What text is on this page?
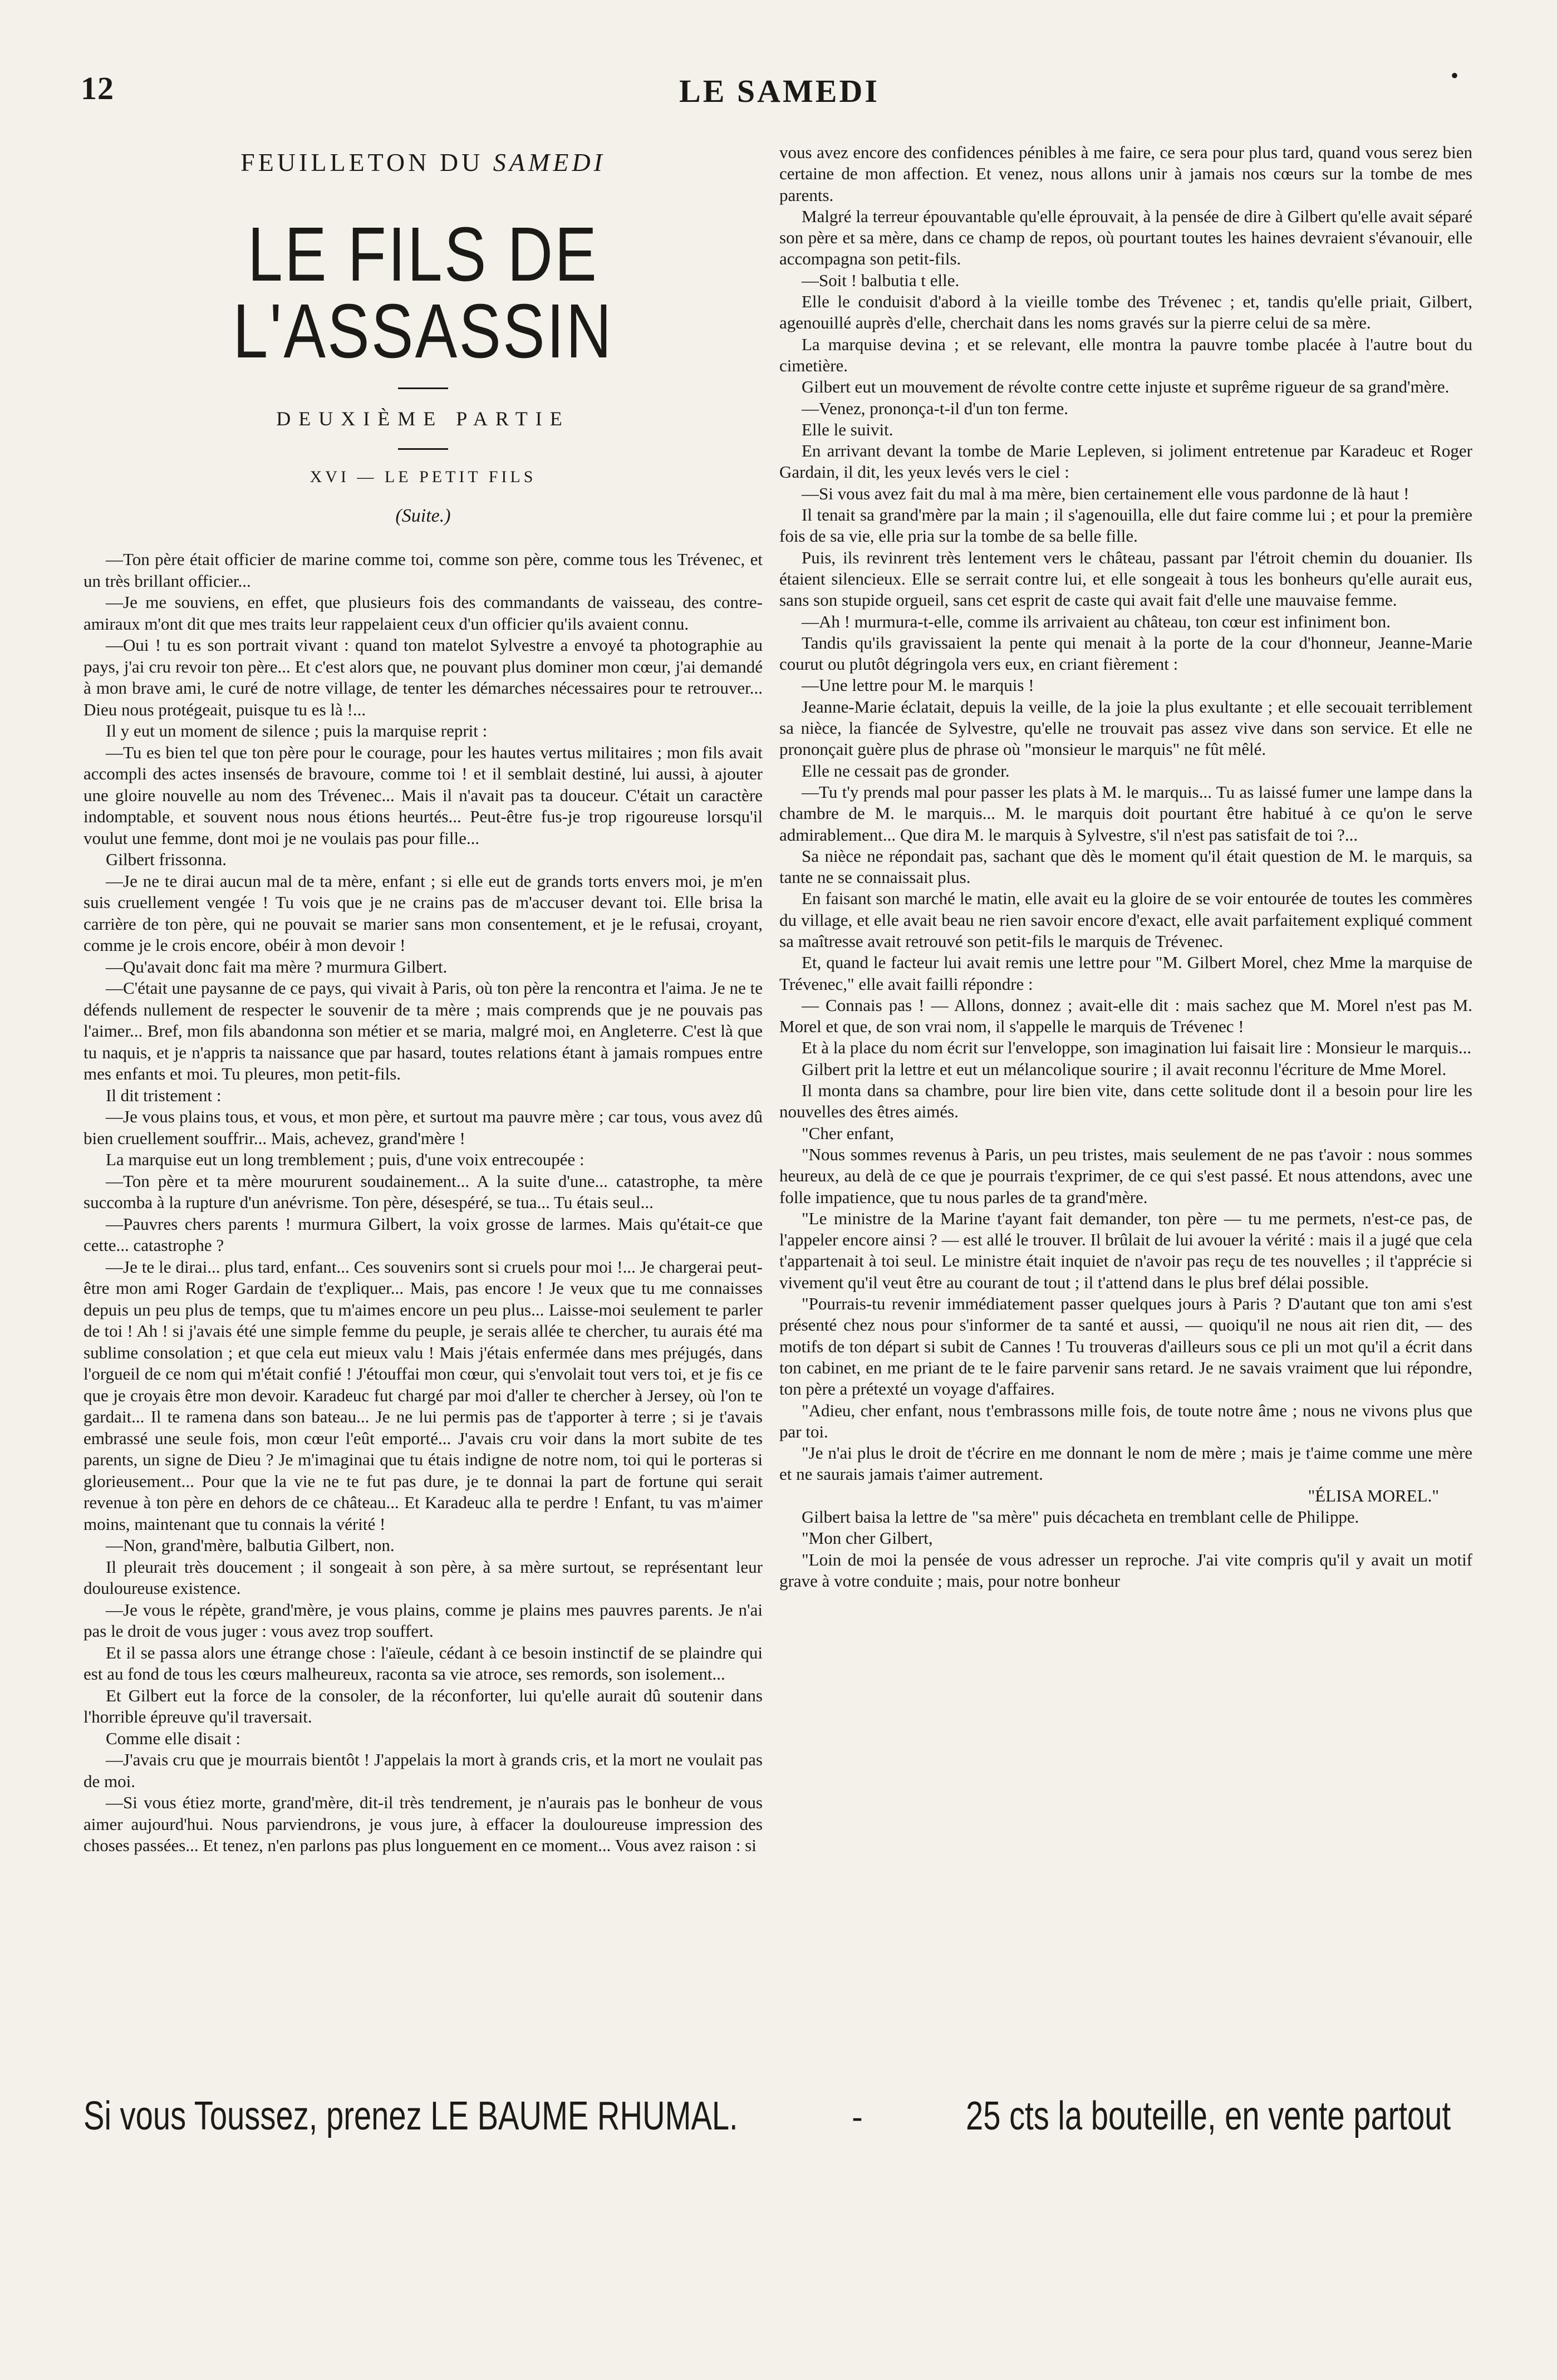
12	LE SAMEDI	•
FEUILLETON DU SAMEDI
LE FILS DE L'ASSASSIN
DEUXIÈME PARTIE
XVI — LE PETIT FILS
(Suite.)

—Ton père était officier de marine comme toi, comme son père, comme tous les Trévenec, et un très brillant officier...

—Je me souviens, en effet, que plusieurs fois des commandants de vaisseau, des contre-amiraux m'ont dit que mes traits leur rappelaient ceux d'un officier qu'ils avaient connu.

—Oui ! tu es son portrait vivant : quand ton matelot Sylvestre a envoyé ta photographie au pays, j'ai cru revoir ton père... Et c'est alors que, ne pouvant plus dominer mon cœur, j'ai demandé à mon brave ami, le curé de notre village, de tenter les démarches nécessaires pour te retrouver... Dieu nous protégeait, puisque tu es là !...

Il y eut un moment de silence ; puis la marquise reprit :

—Tu es bien tel que ton père pour le courage, pour les hautes vertus militaires ; mon fils avait accompli des actes insensés de bravoure, comme toi ! et il semblait destiné, lui aussi, à ajouter une gloire nouvelle au nom des Trévenec... Mais il n'avait pas ta douceur. C'était un caractère indomptable, et souvent nous nous étions heurtés... Peut-être fus-je trop rigoureuse lorsqu'il voulut une femme, dont moi je ne voulais pas pour fille...

Gilbert frissonna.

—Je ne te dirai aucun mal de ta mère, enfant ; si elle eut de grands torts envers moi, je m'en suis cruellement vengée ! Tu vois que je ne crains pas de m'accuser devant toi. Elle brisa la carrière de ton père, qui ne pouvait se marier sans mon consentement, et je le refusai, croyant, comme je le crois encore, obéir à mon devoir !

—Qu'avait donc fait ma mère ? murmura Gilbert.

—C'était une paysanne de ce pays, qui vivait à Paris, où ton père la rencontra et l'aima. Je ne te défends nullement de respecter le souvenir de ta mère ; mais comprends que je ne pouvais pas l'aimer... Bref, mon fils abandonna son métier et se maria, malgré moi, en Angleterre. C'est là que tu naquis, et je n'appris ta naissance que par hasard, toutes relations étant à jamais rompues entre mes enfants et moi. Tu pleures, mon petit-fils.

Il dit tristement :

—Je vous plains tous, et vous, et mon père, et surtout ma pauvre mère ; car tous, vous avez dû bien cruellement souffrir... Mais, achevez, grand'mère !

La marquise eut un long tremblement ; puis, d'une voix entrecoupée :

—Ton père et ta mère moururent soudainement... A la suite d'une... catastrophe, ta mère succomba à la rupture d'un anévrisme. Ton père, désespéré, se tua... Tu étais seul...

—Pauvres chers parents ! murmura Gilbert, la voix grosse de larmes. Mais qu'était-ce que cette... catastrophe ?

—Je te le dirai... plus tard, enfant... Ces souvenirs sont si cruels pour moi !... Je chargerai peut-être mon ami Roger Gardain de t'expliquer... Mais, pas encore ! Je veux que tu me connaisses depuis un peu plus de temps, que tu m'aimes encore un peu plus... Laisse-moi seulement te parler de toi ! Ah ! si j'avais été une simple femme du peuple, je serais allée te chercher, tu aurais été ma sublime consolation ; et que cela eut mieux valu ! Mais j'étais enfermée dans mes préjugés, dans l'orgueil de ce nom qui m'était confié ! J'étouffai mon cœur, qui s'envolait tout vers toi, et je fis ce que je croyais être mon devoir. Karadeuc fut chargé par moi d'aller te chercher à Jersey, où l'on te gardait... Il te ramena dans son bateau... Je ne lui permis pas de t'apporter à terre ; si je t'avais embrassé une seule fois, mon cœur l'eût emporté... J'avais cru voir dans la mort subite de tes parents, un signe de Dieu ? Je m'imaginai que tu étais indigne de notre nom, toi qui le porteras si glorieusement... Pour que la vie ne te fut pas dure, je te donnai la part de fortune qui serait revenue à ton père en dehors de ce château... Et Karadeuc alla te perdre ! Enfant, tu vas m'aimer moins, maintenant que tu connais la vérité !

—Non, grand'mère, balbutia Gilbert, non.

Il pleurait très doucement ; il songeait à son père, à sa mère surtout, se représentant leur douloureuse existence.

—Je vous le répète, grand'mère, je vous plains, comme je plains mes pauvres parents. Je n'ai pas le droit de vous juger : vous avez trop souffert.

Et il se passa alors une étrange chose : l'aïeule, cédant à ce besoin instinctif de se plaindre qui est au fond de tous les cœurs malheureux, raconta sa vie atroce, ses remords, son isolement...

Et Gilbert eut la force de la consoler, de la réconforter, lui qu'elle aurait dû soutenir dans l'horrible épreuve qu'il traversait.

Comme elle disait :

—J'avais cru que je mourrais bientôt ! J'appelais la mort à grands cris, et la mort ne voulait pas de moi.

—Si vous étiez morte, grand'mère, dit-il très tendrement, je n'aurais pas le bonheur de vous aimer aujourd'hui. Nous parviendrons, je vous jure, à effacer la douloureuse impression des choses passées... Et tenez, n'en parlons pas plus longuement en ce moment... Vous avez raison : si

vous avez encore des confidences pénibles à me faire, ce sera pour plus tard, quand vous serez bien certaine de mon affection. Et venez, nous allons unir à jamais nos cœurs sur la tombe de mes parents.

Malgré la terreur épouvantable qu'elle éprouvait, à la pensée de dire à Gilbert qu'elle avait séparé son père et sa mère, dans ce champ de repos, où pourtant toutes les haines devraient s'évanouir, elle accompagna son petit-fils.

—Soit ! balbutia t elle.

Elle le conduisit d'abord à la vieille tombe des Trévenec ; et, tandis qu'elle priait, Gilbert, agenouillé auprès d'elle, cherchait dans les noms gravés sur la pierre celui de sa mère.

La marquise devina ; et se relevant, elle montra la pauvre tombe placée à l'autre bout du cimetière.

Gilbert eut un mouvement de révolte contre cette injuste et suprême rigueur de sa grand'mère.

—Venez, prononça-t-il d'un ton ferme.

Elle le suivit.

En arrivant devant la tombe de Marie Lepleven, si joliment entretenue par Karadeuc et Roger Gardain, il dit, les yeux levés vers le ciel :

—Si vous avez fait du mal à ma mère, bien certainement elle vous pardonne de là haut !

Il tenait sa grand'mère par la main ; il s'agenouilla, elle dut faire comme lui ; et pour la première fois de sa vie, elle pria sur la tombe de sa belle fille.

Puis, ils revinrent très lentement vers le château, passant par l'étroit chemin du douanier. Ils étaient silencieux. Elle se serrait contre lui, et elle songeait à tous les bonheurs qu'elle aurait eus, sans son stupide orgueil, sans cet esprit de caste qui avait fait d'elle une mauvaise femme.

—Ah ! murmura-t-elle, comme ils arrivaient au château, ton cœur est infiniment bon.

Tandis qu'ils gravissaient la pente qui menait à la porte de la cour d'honneur, Jeanne-Marie courut ou plutôt dégringola vers eux, en criant fièrement :

—Une lettre pour M. le marquis !

Jeanne-Marie éclatait, depuis la veille, de la joie la plus exultante ; et elle secouait terriblement sa nièce, la fiancée de Sylvestre, qu'elle ne trouvait pas assez vive dans son service. Et elle ne prononçait guère plus de phrase où "monsieur le marquis" ne fût mêlé.

Elle ne cessait pas de gronder.

—Tu t'y prends mal pour passer les plats à M. le marquis... Tu as laissé fumer une lampe dans la chambre de M. le marquis... M. le marquis doit pourtant être habitué à ce qu'on le serve admirablement... Que dira M. le marquis à Sylvestre, s'il n'est pas satisfait de toi ?...

Sa nièce ne répondait pas, sachant que dès le moment qu'il était question de M. le marquis, sa tante ne se connaissait plus.

En faisant son marché le matin, elle avait eu la gloire de se voir entourée de toutes les commères du village, et elle avait beau ne rien savoir encore d'exact, elle avait parfaitement expliqué comment sa maîtresse avait retrouvé son petit-fils le marquis de Trévenec.

Et, quand le facteur lui avait remis une lettre pour "M. Gilbert Morel, chez Mme la marquise de Trévenec," elle avait failli répondre :

— Connais pas ! — Allons, donnez ; avait-elle dit : mais sachez que M. Morel n'est pas M. Morel et que, de son vrai nom, il s'appelle le marquis de Trévenec !

Et à la place du nom écrit sur l'enveloppe, son imagination lui faisait lire : Monsieur le marquis...

Gilbert prit la lettre et eut un mélancolique sourire ; il avait reconnu l'écriture de Mme Morel.

Il monta dans sa chambre, pour lire bien vite, dans cette solitude dont il a besoin pour lire les nouvelles des êtres aimés.

"Cher enfant,

"Nous sommes revenus à Paris, un peu tristes, mais seulement de ne pas t'avoir : nous sommes heureux, au delà de ce que je pourrais t'exprimer, de ce qui s'est passé. Et nous attendons, avec une folle impatience, que tu nous parles de ta grand'mère.

"Le ministre de la Marine t'ayant fait demander, ton père — tu me permets, n'est-ce pas, de l'appeler encore ainsi ? — est allé le trouver. Il brûlait de lui avouer la vérité : mais il a jugé que cela t'appartenait à toi seul. Le ministre était inquiet de n'avoir pas reçu de tes nouvelles ; il t'apprécie si vivement qu'il veut être au courant de tout ; il t'attend dans le plus bref délai possible.

"Pourrais-tu revenir immédiatement passer quelques jours à Paris ? D'autant que ton ami s'est présenté chez nous pour s'informer de ta santé et aussi, — quoiqu'il ne nous ait rien dit, — des motifs de ton départ si subit de Cannes ! Tu trouveras d'ailleurs sous ce pli un mot qu'il a écrit dans ton cabinet, en me priant de te le faire parvenir sans retard. Je ne savais vraiment que lui répondre, ton père a prétexté un voyage d'affaires.

"Adieu, cher enfant, nous t'embrassons mille fois, de toute notre âme ; nous ne vivons plus que par toi.

"Je n'ai plus le droit de t'écrire en me donnant le nom de mère ; mais je t'aime comme une mère et ne saurais jamais t'aimer autrement.

"ÉLISA MOREL."

Gilbert baisa la lettre de "sa mère" puis décacheta en tremblant celle de Philippe.

"Mon cher Gilbert,

"Loin de moi la pensée de vous adresser un reproche. J'ai vite compris qu'il y avait un motif grave à votre conduite ; mais, pour notre bonheur

Si vous Toussez, prenez LE BAUME RHUMAL.	-	25 cts la bouteille, en vente partout
